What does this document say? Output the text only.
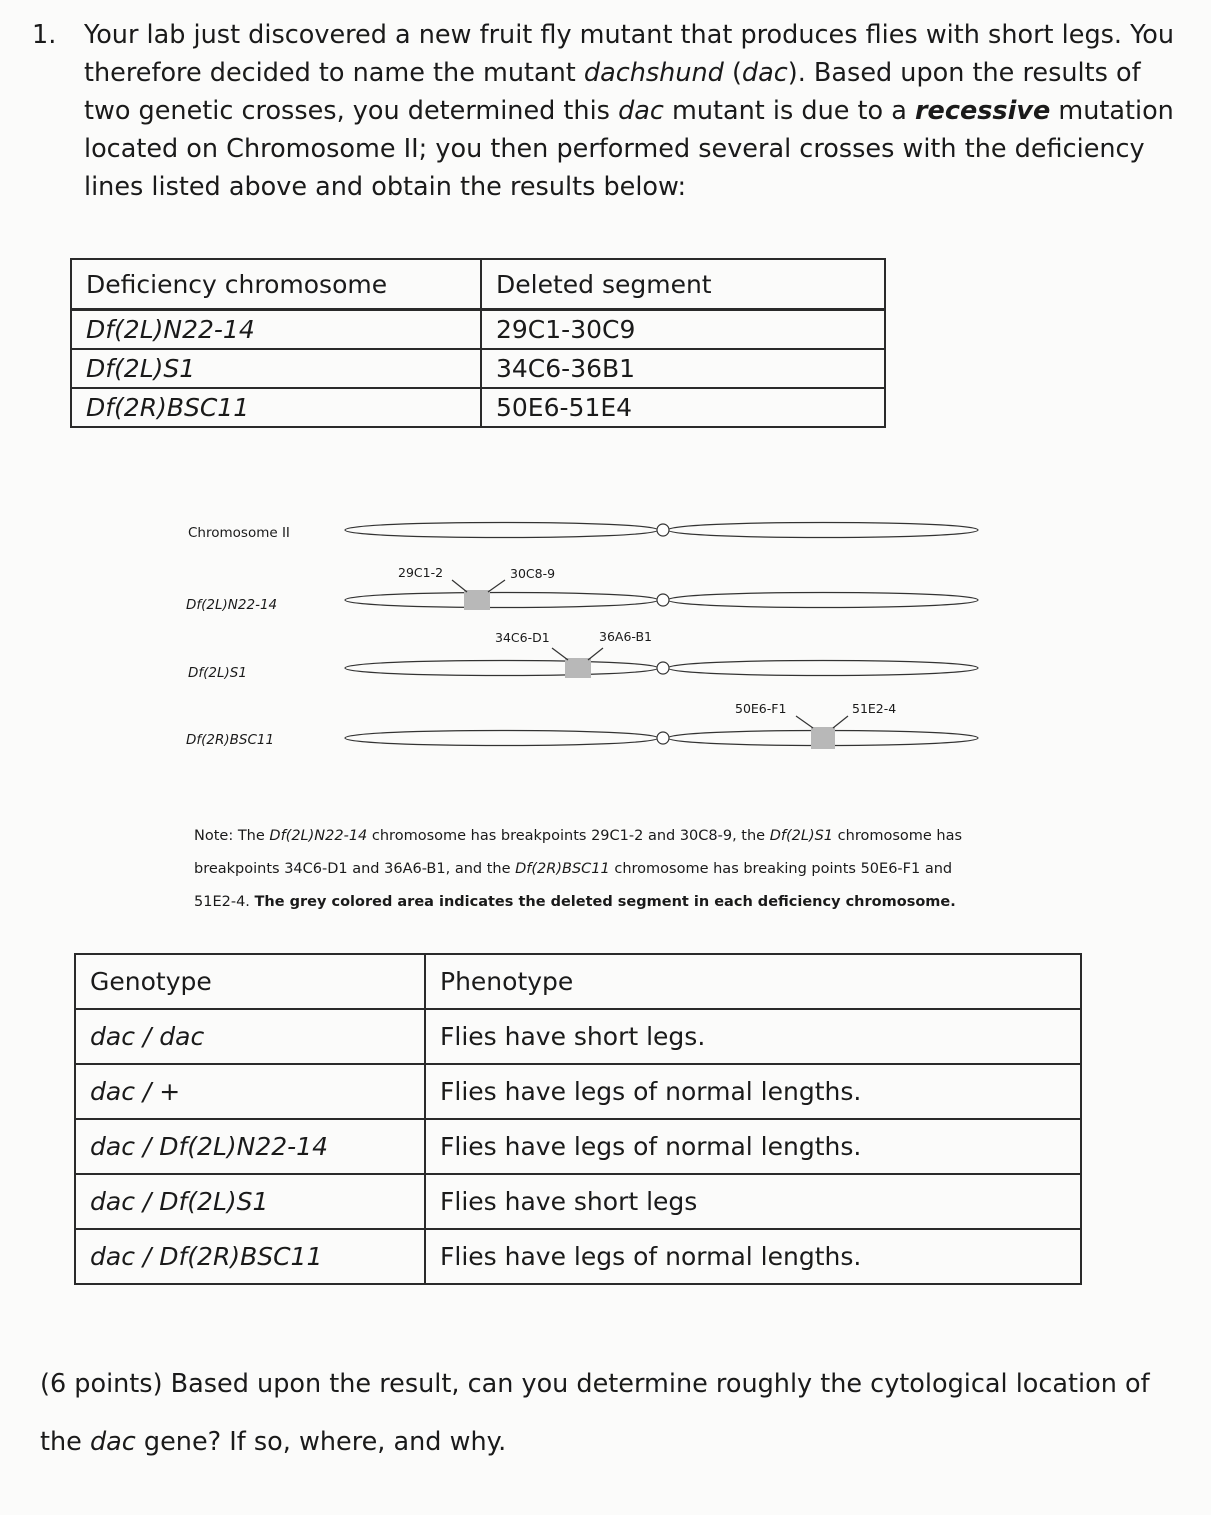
1. Your lab just discovered a new fruit fly mutant that produces flies with short legs. You therefore decided to name the mutant dachshund (dac). Based upon the results of two genetic crosses, you determined this dac mutant is due to a recessive mutation located on Chromosome II; you then performed several crosses with the deficiency lines listed above and obtain the results below:
Deficiency chromosome	Deleted segment
Df(2L)N22-14	29C1-30C9
Df(2L)S1	34C6-36B1
Df(2R)BSC11	50E6-51E4
Chromosome II
Df(2L)N22-14
Df(2L)S1
Df(2R)BSC11
29C1-2	30C8-9
34C6-D1	36A6-B1
50E6-F1	51E2-4
Note: The Df(2L)N22-14 chromosome has breakpoints 29C1-2 and 30C8-9, the Df(2L)S1 chromosome has breakpoints 34C6-D1 and 36A6-B1, and the Df(2R)BSC11 chromosome has breaking points 50E6-F1 and 51E2-4. The grey colored area indicates the deleted segment in each deficiency chromosome.
Genotype	Phenotype
dac / dac	Flies have short legs.
dac / +	Flies have legs of normal lengths.
dac / Df(2L)N22-14	Flies have legs of normal lengths.
dac / Df(2L)S1	Flies have short legs
dac / Df(2R)BSC11	Flies have legs of normal lengths.
(6 points) Based upon the result, can you determine roughly the cytological location of the dac gene? If so, where, and why.
